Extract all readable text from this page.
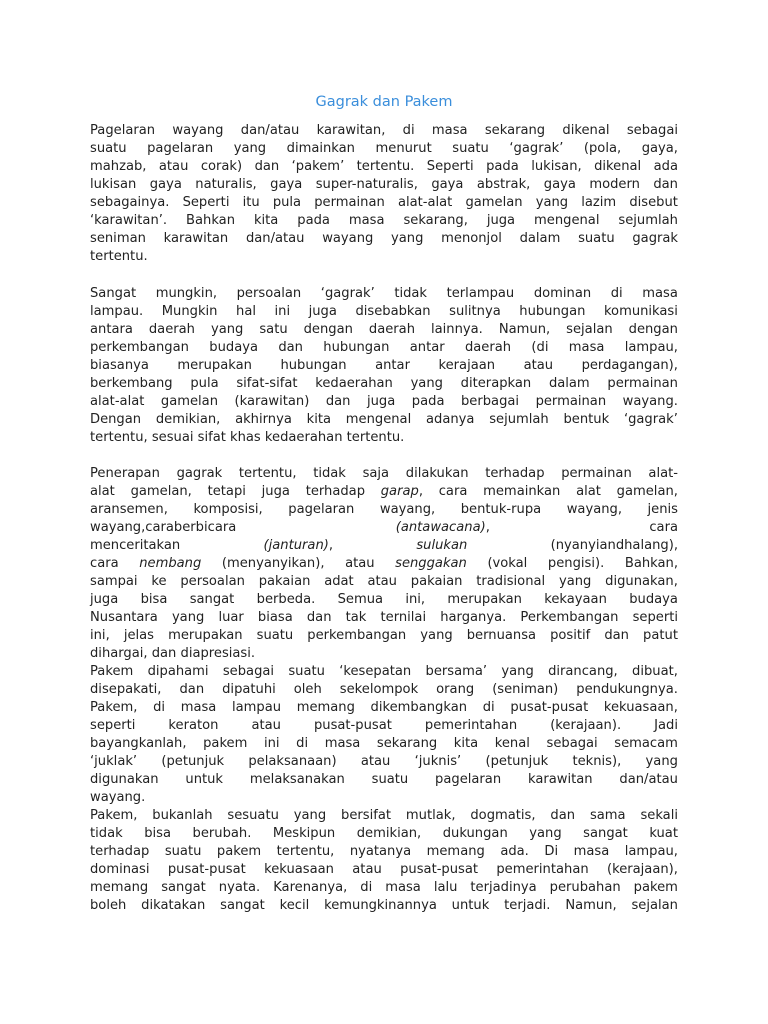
Gagrak dan Pakem
Pagelaran wayang dan/atau karawitan, di masa sekarang dikenal sebagai
suatu pagelaran yang dimainkan menurut suatu ‘gagrak’ (pola, gaya,
mahzab, atau corak) dan ‘pakem’ tertentu. Seperti pada lukisan, dikenal ada
lukisan gaya naturalis, gaya super-naturalis, gaya abstrak, gaya modern dan
sebagainya. Seperti itu pula permainan alat-alat gamelan yang lazim disebut
‘karawitan’. Bahkan kita pada masa sekarang, juga mengenal sejumlah
seniman karawitan dan/atau wayang yang menonjol dalam suatu gagrak
tertentu.
Sangat mungkin, persoalan ‘gagrak’ tidak terlampau dominan di masa
lampau. Mungkin hal ini juga disebabkan sulitnya hubungan komunikasi
antara daerah yang satu dengan daerah lainnya. Namun, sejalan dengan
perkembangan budaya dan hubungan antar daerah (di masa lampau,
biasanya merupakan hubungan antar kerajaan atau perdagangan),
berkembang pula sifat-sifat kedaerahan yang diterapkan dalam permainan
alat-alat gamelan (karawitan) dan juga pada berbagai permainan wayang.
Dengan demikian, akhirnya kita mengenal adanya sejumlah bentuk ‘gagrak’
tertentu, sesuai sifat khas kedaerahan tertentu.
Penerapan gagrak tertentu, tidak saja dilakukan terhadap permainan alat-
alat gamelan, tetapi juga terhadap garap, cara memainkan alat gamelan,
aransemen, komposisi, pagelaran wayang, bentuk-rupa wayang, jenis
wayang,caraberbicara	(antawacana),	cara
menceritakan	(janturan),	sulukan	(nyanyiandhalang),
cara nembang (menyanyikan), atau senggakan (vokal pengisi). Bahkan,
sampai ke persoalan pakaian adat atau pakaian tradisional yang digunakan,
juga bisa sangat berbeda. Semua ini, merupakan kekayaan budaya
Nusantara yang luar biasa dan tak ternilai harganya. Perkembangan seperti
ini, jelas merupakan suatu perkembangan yang bernuansa positif dan patut
dihargai, dan diapresiasi.
Pakem dipahami sebagai suatu ‘kesepatan bersama’ yang dirancang, dibuat,
disepakati, dan dipatuhi oleh sekelompok orang (seniman) pendukungnya.
Pakem, di masa lampau memang dikembangkan di pusat-pusat kekuasaan,
seperti	keraton	atau	pusat-pusat	pemerintahan	(kerajaan).	Jadi
bayangkanlah, pakem ini di masa sekarang kita kenal sebagai semacam
‘juklak’ (petunjuk pelaksanaan) atau ‘juknis’ (petunjuk teknis), yang
digunakan untuk melaksanakan suatu pagelaran karawitan dan/atau
wayang.
Pakem, bukanlah sesuatu yang bersifat mutlak, dogmatis, dan sama sekali
tidak bisa berubah. Meskipun demikian, dukungan yang sangat kuat
terhadap suatu pakem tertentu, nyatanya memang ada. Di masa lampau,
dominasi pusat-pusat kekuasaan atau pusat-pusat pemerintahan (kerajaan),
memang sangat nyata. Karenanya, di masa lalu terjadinya perubahan pakem
boleh dikatakan sangat kecil kemungkinannya untuk terjadi. Namun, sejalan
